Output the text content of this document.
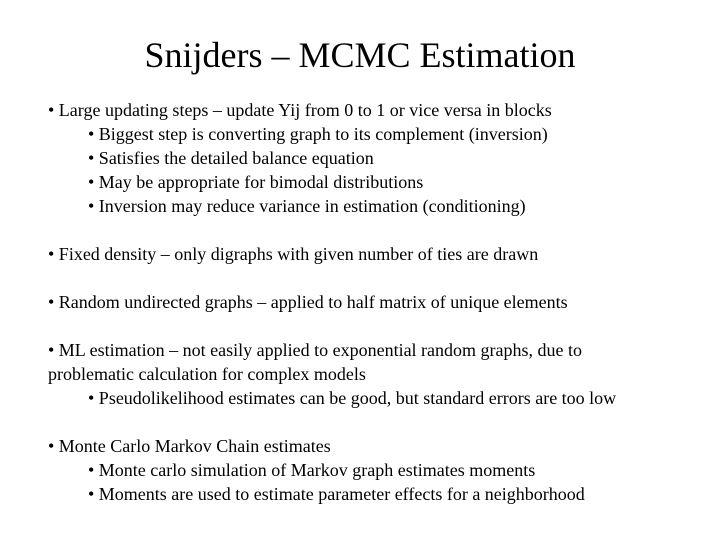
Snijders – MCMC Estimation
• Large updating steps – update Yij from 0 to 1 or vice versa in blocks
• Biggest step is converting graph to its complement (inversion)
• Satisfies the detailed balance equation
• May be appropriate for bimodal distributions
• Inversion may reduce variance in estimation (conditioning)
• Fixed density – only digraphs with given number of ties are drawn
• Random undirected graphs – applied to half matrix of unique elements
• ML estimation – not easily applied to exponential random graphs, due to
problematic calculation for complex models
• Pseudolikelihood estimates can be good, but standard errors are too low
• Monte Carlo Markov Chain estimates
• Monte carlo simulation of Markov graph estimates moments
• Moments are used to estimate parameter effects for a neighborhood
